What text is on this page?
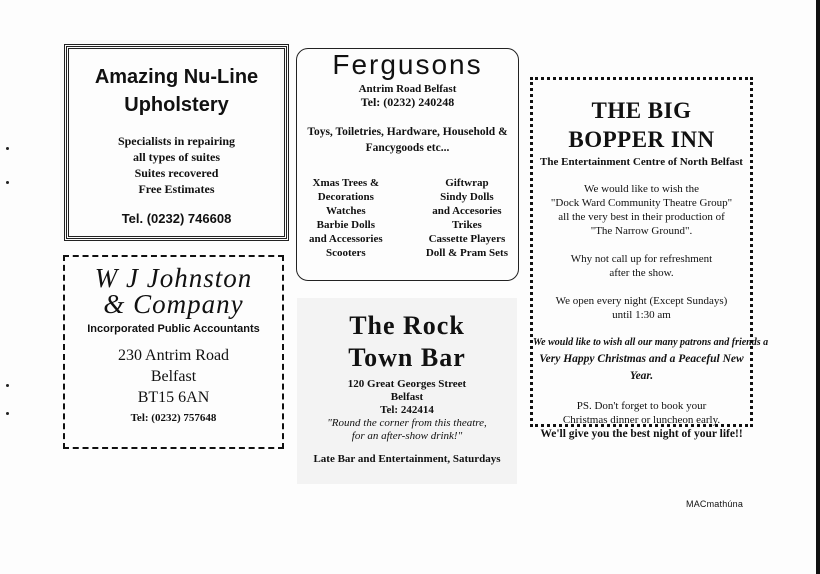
Amazing Nu-Line

Upholstery

Specialists in repairing

all types of suites

Suites recovered

Free Estimates

Tel. (0232) 746608

Fergusons

Antrim Road Belfast

Tel: (0232) 240248

Toys, Toiletries, Hardware, Household & Fancygoods etc...

Xmas Trees &

Decorations

Watches

Barbie Dolls

and Accessories

Scooters

Giftwrap

Sindy Dolls

and Accesories

Trikes

Cassette Players

Doll & Pram Sets

W J Johnston

& Company

Incorporated Public Accountants

230 Antrim Road

Belfast

BT15 6AN

Tel: (0232) 757648

The Rock

Town Bar

120 Great Georges Street

Belfast

Tel: 242414

"Round the corner from this theatre,

for an after-show drink!"

Late Bar and Entertainment, Saturdays

THE BIG

BOPPER INN

The Entertainment Centre of North Belfast

We would like to wish the

"Dock Ward Community Theatre Group"

all the very best in their production of

"The Narrow Ground".

Why not call up for refreshment

after the show.

We open every night (Except Sundays)

until 1:30 am

We would like to wish all our many patrons and friends a

Very Happy Christmas and a Peaceful New Year.

PS. Don't forget to book your

Christmas dinner or luncheon early.

We'll give you the best night of your life!!

MACmathúna
